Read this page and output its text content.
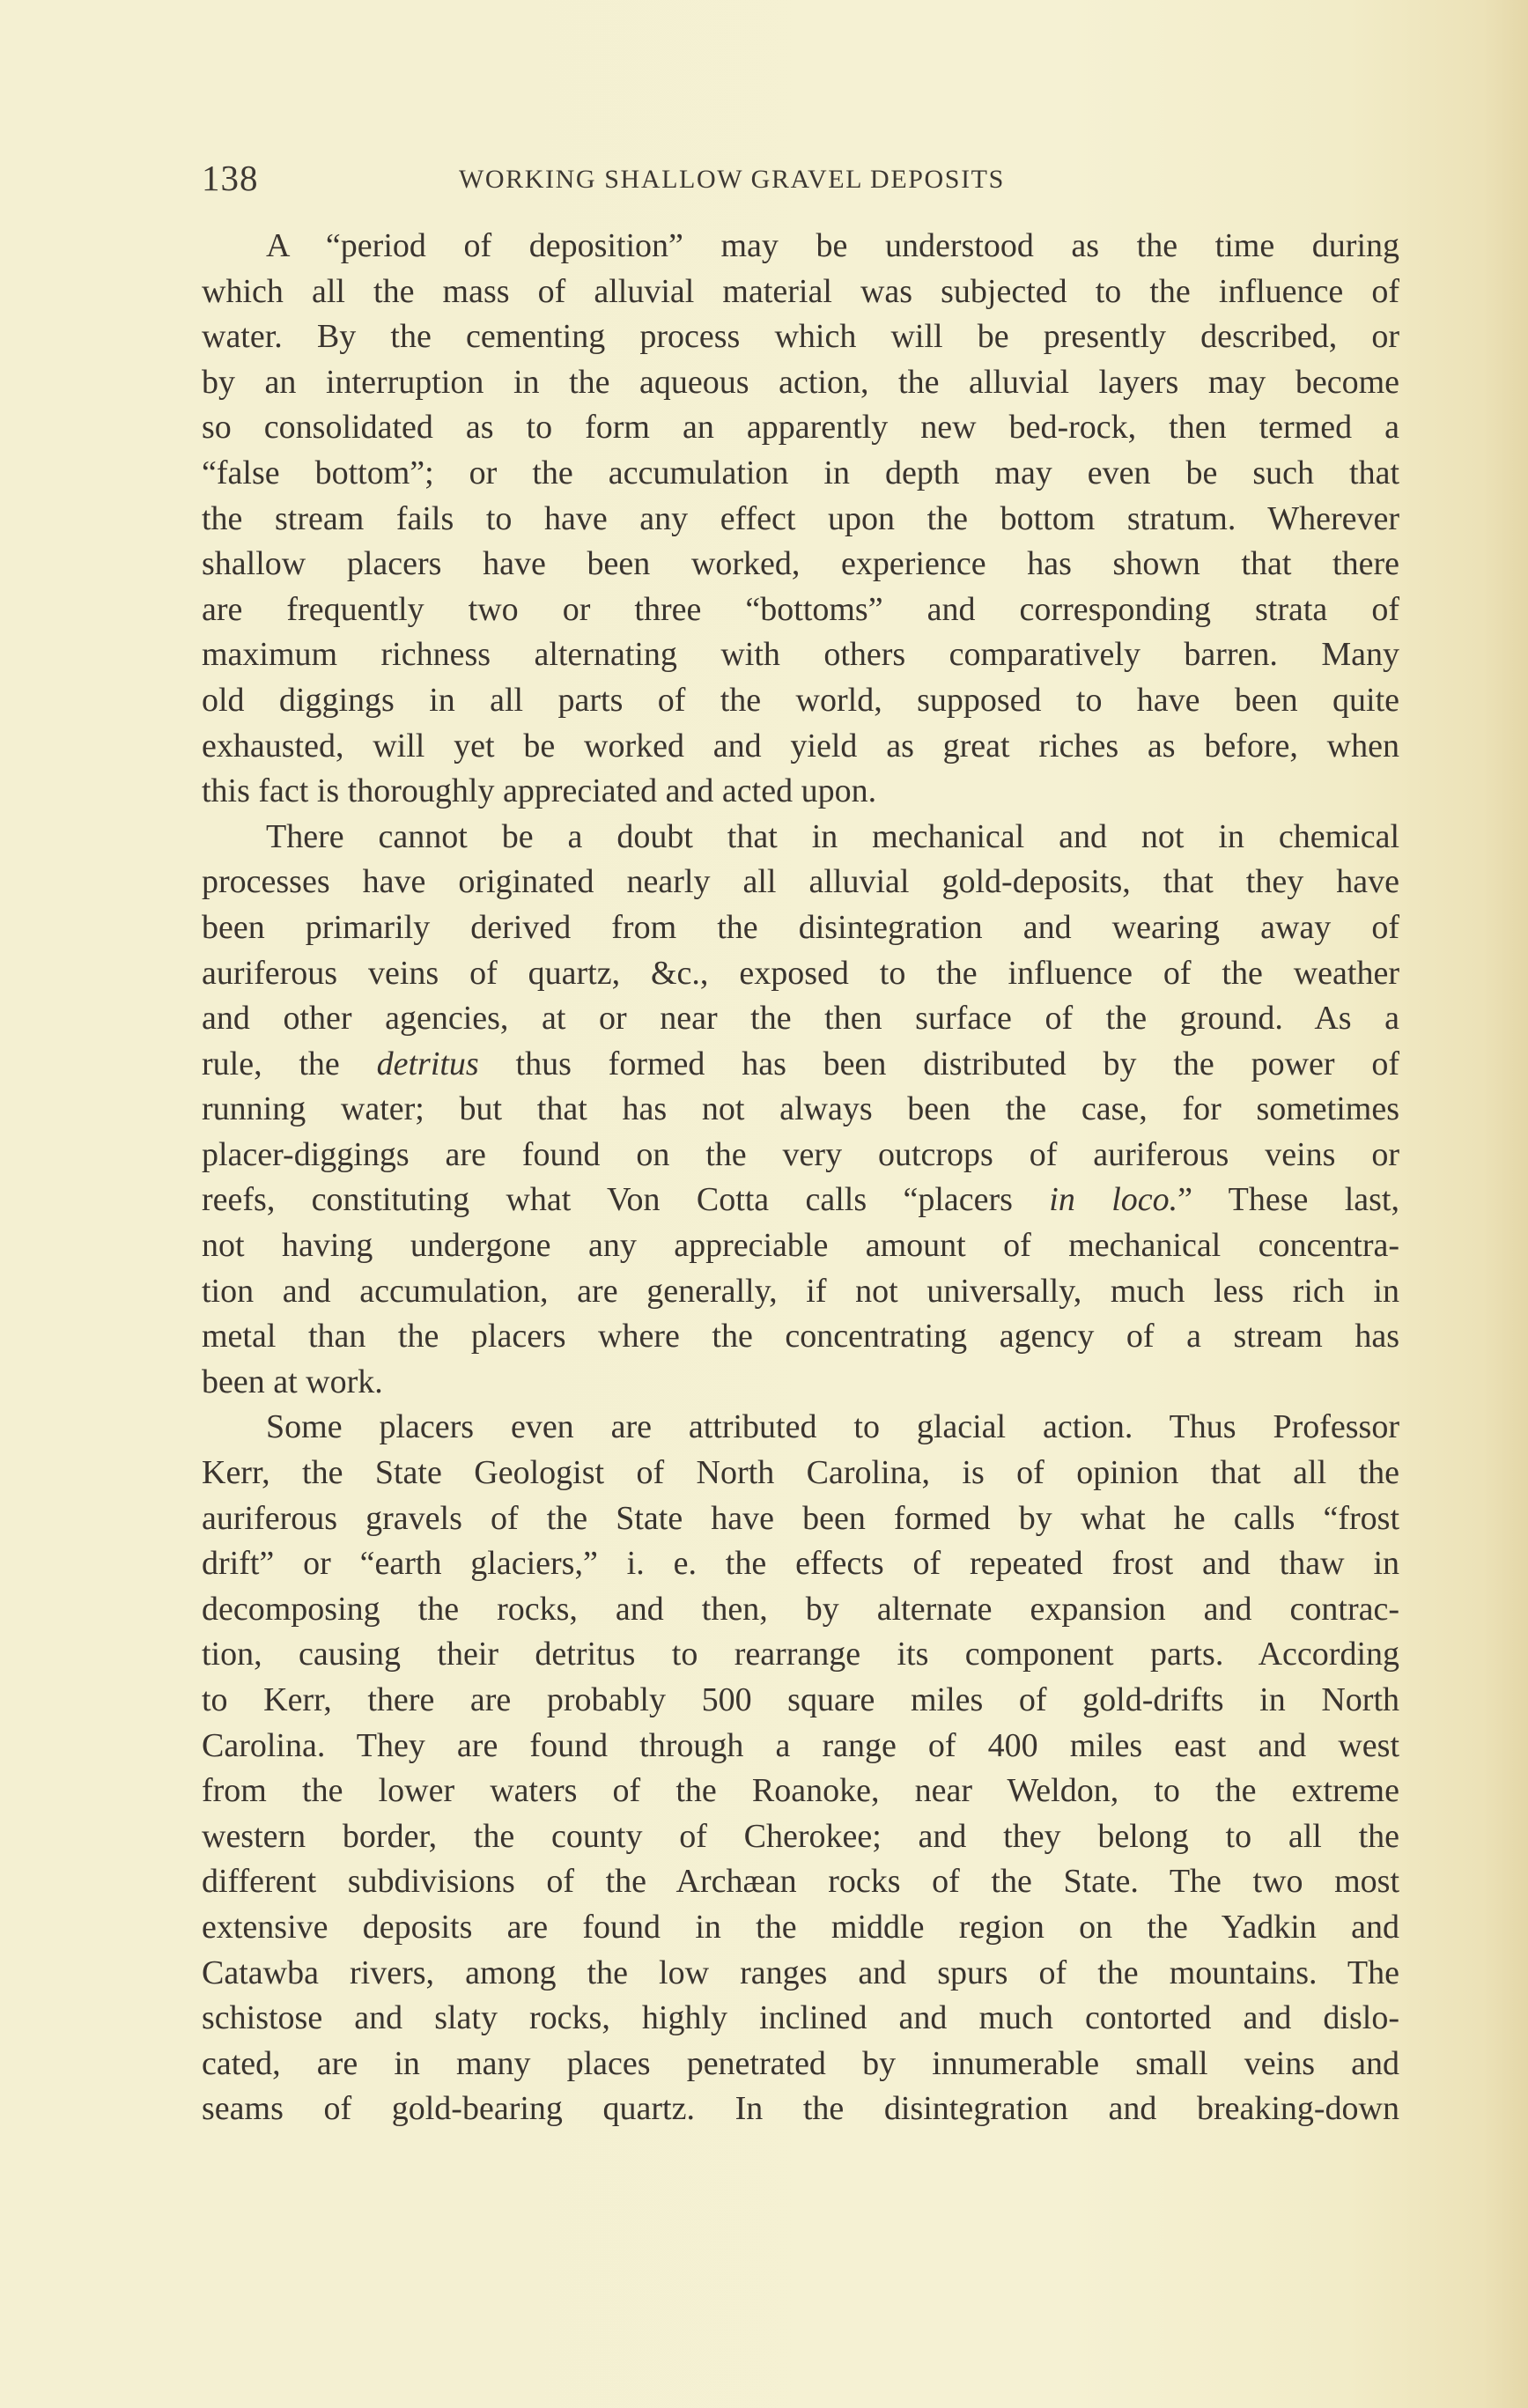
138	WORKING SHALLOW GRAVEL DEPOSITS
A “period of deposition” may be understood as the time during
which all the mass of alluvial material was subjected to the influence of
water. By the cementing process which will be presently described, or
by an interruption in the aqueous action, the alluvial layers may become
so consolidated as to form an apparently new bed-rock, then termed a
“false bottom”; or the accumulation in depth may even be such that
the stream fails to have any effect upon the bottom stratum. Wherever
shallow placers have been worked, experience has shown that there
are frequently two or three “bottoms” and corresponding strata of
maximum richness alternating with others comparatively barren. Many
old diggings in all parts of the world, supposed to have been quite
exhausted, will yet be worked and yield as great riches as before, when
this fact is thoroughly appreciated and acted upon.
There cannot be a doubt that in mechanical and not in chemical
processes have originated nearly all alluvial gold-deposits, that they have
been primarily derived from the disintegration and wearing away of
auriferous veins of quartz, &c., exposed to the influence of the weather
and other agencies, at or near the then surface of the ground. As a
rule, the detritus thus formed has been distributed by the power of
running water; but that has not always been the case, for sometimes
placer-diggings are found on the very outcrops of auriferous veins or
reefs, constituting what Von Cotta calls “placers in loco.” These last,
not having undergone any appreciable amount of mechanical concentra-
tion and accumulation, are generally, if not universally, much less rich in
metal than the placers where the concentrating agency of a stream has
been at work.
Some placers even are attributed to glacial action. Thus Professor
Kerr, the State Geologist of North Carolina, is of opinion that all the
auriferous gravels of the State have been formed by what he calls “frost
drift” or “earth glaciers,” i. e. the effects of repeated frost and thaw in
decomposing the rocks, and then, by alternate expansion and contrac-
tion, causing their detritus to rearrange its component parts. According
to Kerr, there are probably 500 square miles of gold-drifts in North
Carolina. They are found through a range of 400 miles east and west
from the lower waters of the Roanoke, near Weldon, to the extreme
western border, the county of Cherokee; and they belong to all the
different subdivisions of the Archæan rocks of the State. The two most
extensive deposits are found in the middle region on the Yadkin and
Catawba rivers, among the low ranges and spurs of the mountains. The
schistose and slaty rocks, highly inclined and much contorted and dislo-
cated, are in many places penetrated by innumerable small veins and
seams of gold-bearing quartz. In the disintegration and breaking-down
